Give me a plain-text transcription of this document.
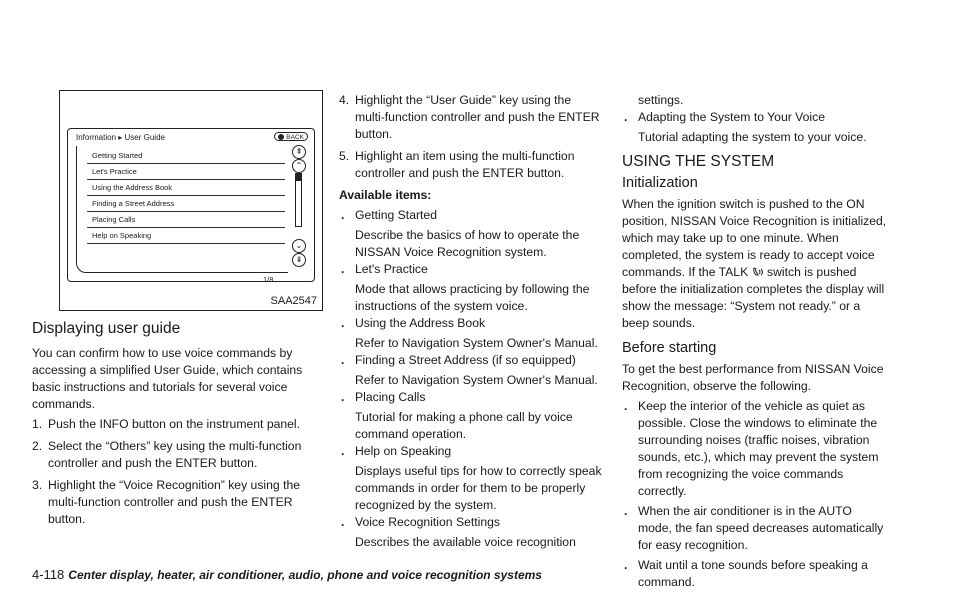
Information ▸ User Guide	BACK
Getting Started
Let's Practice
Using the Address Book
Finding a Street Address
Placing Calls
Help on Speaking
1/8
⇞
⌃
⌄
⇟
SAA2547
Displaying user guide

You can confirm how to use voice commands by accessing a simplified User Guide, which contains basic instructions and tutorials for several voice commands.

1. Push the INFO button on the instrument panel.
2. Select the “Others” key using the multi-function controller and push the ENTER button.
3. Highlight the “Voice Recognition” key using the multi-function controller and push the ENTER button.
4. Highlight the “User Guide” key using the multi-function controller and push the ENTER button.
5. Highlight an item using the multi-function controller and push the ENTER button.

Available items:

. Getting Started

Describe the basics of how to operate the NISSAN Voice Recognition system.

. Let's Practice

Mode that allows practicing by following the instructions of the system voice.

. Using the Address Book

Refer to Navigation System Owner's Manual.

. Finding a Street Address (if so equipped)

Refer to Navigation System Owner's Manual.

. Placing Calls

Tutorial for making a phone call by voice command operation.

. Help on Speaking

Displays useful tips for how to correctly speak commands in order for them to be properly recognized by the system.

. Voice Recognition Settings

Describes the available voice recognition

settings.

. Adapting the System to Your Voice

Tutorial adapting the system to your voice.

USING THE SYSTEM
Initialization

When the ignition switch is pushed to the ON position, NISSAN Voice Recognition is initialized, which may take up to one minute. When completed, the system is ready to accept voice commands. If the TALK switch is pushed before the initialization completes the display will show the message: “System not ready.” or a beep sounds.

Before starting

To get the best performance from NISSAN Voice Recognition, observe the following.

. Keep the interior of the vehicle as quiet as possible. Close the windows to eliminate the surrounding noises (traffic noises, vibration sounds, etc.), which may prevent the system from recognizing the voice commands correctly.
. When the air conditioner is in the AUTO mode, the fan speed decreases automatically for easy recognition.
. Wait until a tone sounds before speaking a command.
4-118 Center display, heater, air conditioner, audio, phone and voice recognition systems
